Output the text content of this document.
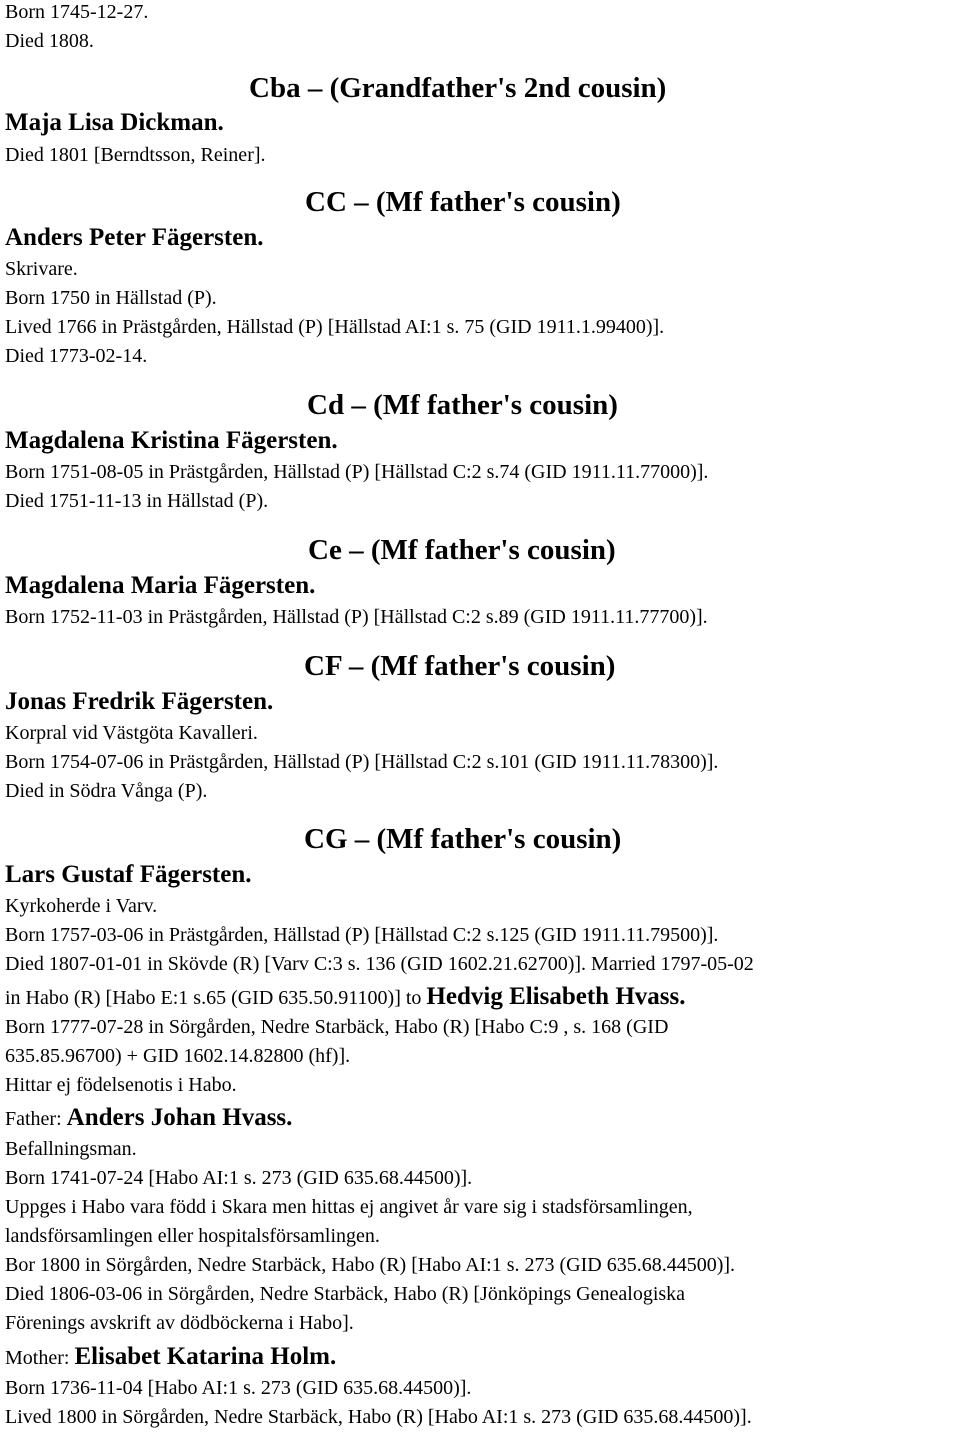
Born 1745-12-27.
Died 1808.
Cba – (Grandfather's 2nd cousin)
Maja Lisa Dickman.
Died 1801 [Berndtsson, Reiner].
CC – (Mf father's cousin)
Anders Peter Fägersten.
Skrivare.
Born 1750 in Hällstad (P).
Lived 1766 in Prästgården, Hällstad (P) [Hällstad AI:1 s. 75 (GID 1911.1.99400)].
Died 1773-02-14.
Cd – (Mf father's cousin)
Magdalena Kristina Fägersten.
Born 1751-08-05 in Prästgården, Hällstad (P) [Hällstad C:2 s.74 (GID 1911.11.77000)].
Died 1751-11-13 in Hällstad (P).
Ce – (Mf father's cousin)
Magdalena Maria Fägersten.
Born 1752-11-03 in Prästgården, Hällstad (P) [Hällstad C:2 s.89 (GID 1911.11.77700)].
CF – (Mf father's cousin)
Jonas Fredrik Fägersten.
Korpral vid Västgöta Kavalleri.
Born 1754-07-06 in Prästgården, Hällstad (P) [Hällstad C:2 s.101 (GID 1911.11.78300)].
Died in Södra Vånga (P).
CG – (Mf father's cousin)
Lars Gustaf Fägersten.
Kyrkoherde i Varv.
Born 1757-03-06 in Prästgården, Hällstad (P) [Hällstad C:2 s.125 (GID 1911.11.79500)].
Died 1807-01-01 in Skövde (R) [Varv C:3 s. 136 (GID 1602.21.62700)]. Married 1797-05-02
in Habo (R) [Habo E:1 s.65 (GID 635.50.91100)] to Hedvig Elisabeth Hvass.
Born 1777-07-28 in Sörgården, Nedre Starbäck, Habo (R) [Habo C:9 , s. 168 (GID
635.85.96700) + GID 1602.14.82800 (hf)].
Hittar ej födelsenotis i Habo.
Father: Anders Johan Hvass.
Befallningsman.
Born 1741-07-24 [Habo AI:1 s. 273 (GID 635.68.44500)].
Uppges i Habo vara född i Skara men hittas ej angivet år vare sig i stadsförsamlingen,
landsförsamlingen eller hospitalsförsamlingen.
Bor 1800 in Sörgården, Nedre Starbäck, Habo (R) [Habo AI:1 s. 273 (GID 635.68.44500)].
Died 1806-03-06 in Sörgården, Nedre Starbäck, Habo (R) [Jönköpings Genealogiska
Förenings avskrift av dödböckerna i Habo].
Mother: Elisabet Katarina Holm.
Born 1736-11-04 [Habo AI:1 s. 273 (GID 635.68.44500)].
Lived 1800 in Sörgården, Nedre Starbäck, Habo (R) [Habo AI:1 s. 273 (GID 635.68.44500)].
